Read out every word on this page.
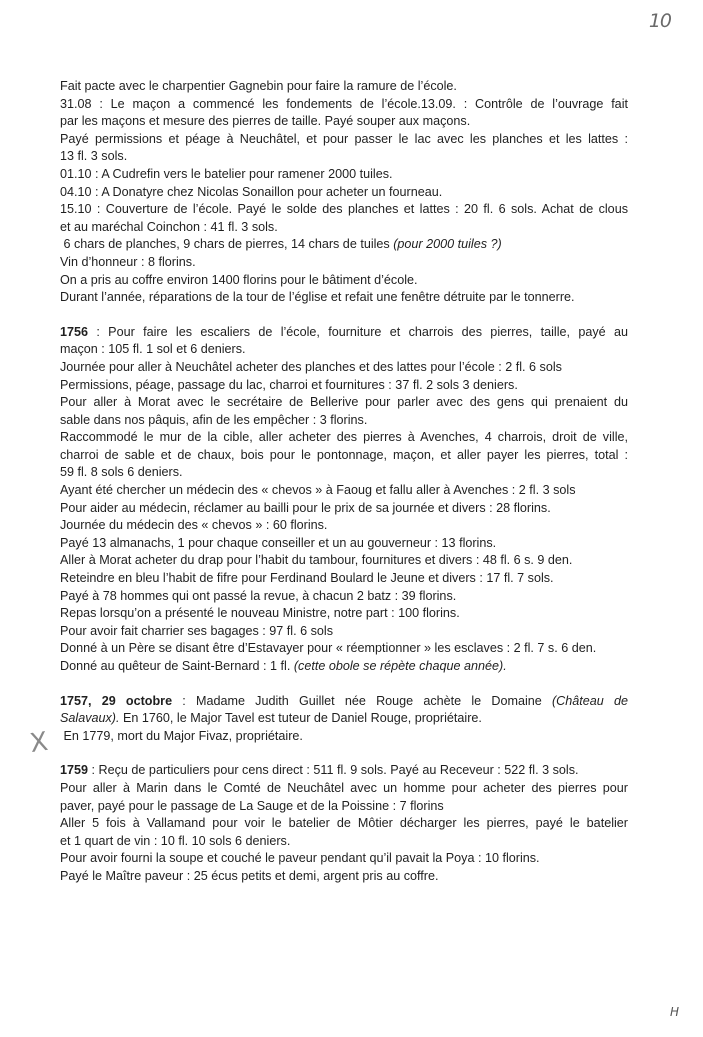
10
X
Fait pacte avec le charpentier Gagnebin pour faire la ramure de l’école.
31.08 : Le maçon a commencé les fondements de l’école.13.09. : Contrôle de l’ouvrage fait
par les maçons et mesure des pierres de taille. Payé souper aux maçons.
Payé permissions et péage à Neuchâtel, et pour passer le lac avec les planches et les lattes :
13 fl. 3 sols.
01.10 : A Cudrefin vers le batelier pour ramener 2000 tuiles.
04.10 : A Donatyre chez Nicolas Sonaillon pour acheter un fourneau.
15.10 : Couverture de l’école. Payé le solde des planches et lattes : 20 fl. 6 sols. Achat de clous
et au maréchal Coinchon : 41 fl. 3 sols.
6 chars de planches, 9 chars de pierres, 14 chars de tuiles (pour 2000 tuiles ?)
Vin d’honneur : 8 florins.
On a pris au coffre environ 1400 florins pour le bâtiment d’école.
Durant l’année, réparations de la tour de l’église et refait une fenêtre détruite par le tonnerre.
1756 : Pour faire les escaliers de l’école, fourniture et charrois des pierres, taille, payé au
maçon : 105 fl. 1 sol et 6 deniers.
Journée pour aller à Neuchâtel acheter des planches et des lattes pour l’école : 2 fl. 6 sols
Permissions, péage, passage du lac, charroi et fournitures : 37 fl. 2 sols 3 deniers.
Pour aller à Morat avec le secrétaire de Bellerive pour parler avec des gens qui prenaient du
sable dans nos pâquis, afin de les empêcher : 3 florins.
Raccommodé le mur de la cible, aller acheter des pierres à Avenches, 4 charrois, droit de ville,
charroi de sable et de chaux, bois pour le pontonnage, maçon, et aller payer les pierres, total :
59 fl. 8 sols 6 deniers.
Ayant été chercher un médecin des « chevos » à Faoug et fallu aller à Avenches : 2 fl. 3 sols
Pour aider au médecin, réclamer au bailli pour le prix de sa journée et divers : 28 florins.
Journée du médecin des « chevos » : 60 florins.
Payé 13 almanachs, 1 pour chaque conseiller et un au gouverneur : 13 florins.
Aller à Morat acheter du drap pour l’habit du tambour, fournitures et divers : 48 fl. 6 s. 9 den.
Reteindre en bleu l’habit de fifre pour Ferdinand Boulard le Jeune et divers : 17 fl. 7 sols.
Payé à 78 hommes qui ont passé la revue, à chacun 2 batz : 39 florins.
Repas lorsqu’on a présenté le nouveau Ministre, notre part : 100 florins.
Pour avoir fait charrier ses bagages : 97 fl. 6 sols
Donné à un Père se disant être d’Estavayer pour « réemptionner » les esclaves : 2 fl. 7 s. 6 den.
Donné au quêteur de Saint-Bernard : 1 fl. (cette obole se répète chaque année).
1757, 29 octobre : Madame Judith Guillet née Rouge achète le Domaine (Château de
Salavaux). En 1760, le Major Tavel est tuteur de Daniel Rouge, propriétaire.
En 1779, mort du Major Fivaz, propriétaire.
1759 : Reçu de particuliers pour cens direct : 511 fl. 9 sols. Payé au Receveur : 522 fl. 3 sols.
Pour aller à Marin dans le Comté de Neuchâtel avec un homme pour acheter des pierres pour
paver, payé pour le passage de La Sauge et de la Poissine : 7 florins
Aller 5 fois à Vallamand pour voir le batelier de Môtier décharger les pierres, payé le batelier
et 1 quart de vin : 10 fl. 10 sols 6 deniers.
Pour avoir fourni la soupe et couché le paveur pendant qu’il pavait la Poya : 10 florins.
Payé le Maître paveur : 25 écus petits et demi, argent pris au coffre.
H
